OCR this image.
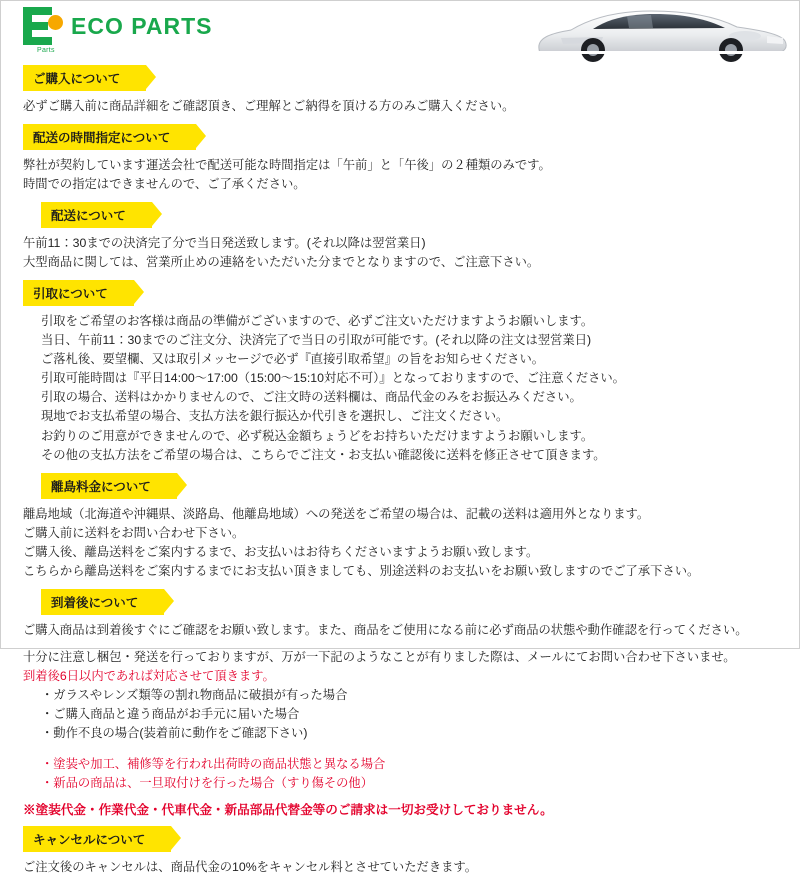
Parts
ECO PARTS
ご購入について

必ずご購入前に商品詳細をご確認頂き、ご理解とご納得を頂ける方のみご購入ください。

配送の時間指定について

弊社が契約しています運送会社で配送可能な時間指定は「午前」と「午後」の２種類のみです。

時間での指定はできませんので、ご了承ください。

配送について

午前11：30までの決済完了分で当日発送致します。(それ以降は翌営業日)

大型商品に関しては、営業所止めの連絡をいただいた分までとなりますので、ご注意下さい。

引取について

引取をご希望のお客様は商品の準備がございますので、必ずご注文いただけますようお願いします。

当日、午前11：30までのご注文分、決済完了で当日の引取が可能です。(それ以降の注文は翌営業日)

ご落札後、要望欄、又は取引メッセージで必ず『直接引取希望』の旨をお知らせください。

引取可能時間は『平日14:00～17:00（15:00～15:10対応不可）』となっておりますので、ご注意ください。

引取の場合、送料はかかりませんので、ご注文時の送料欄は、商品代金のみをお振込みください。

現地でお支払希望の場合、支払方法を銀行振込か代引きを選択し、ご注文ください。

お釣りのご用意ができませんので、必ず税込金額ちょうどをお持ちいただけますようお願いします。

その他の支払方法をご希望の場合は、こちらでご注文・お支払い確認後に送料を修正させて頂きます。

離島料金について

離島地域（北海道や沖縄県、淡路島、他離島地域）への発送をご希望の場合は、記載の送料は適用外となります。

ご購入前に送料をお問い合わせ下さい。

ご購入後、離島送料をご案内するまで、お支払いはお待ちくださいますようお願い致します。

こちらから離島送料をご案内するまでにお支払い頂きましても、別途送料のお支払いをお願い致しますのでご了承下さい。

到着後について

ご購入商品は到着後すぐにご確認をお願い致します。また、商品をご使用になる前に必ず商品の状態や動作確認を行ってください。

十分に注意し梱包・発送を行っておりますが、万が一下記のようなことが有りました際は、メールにてお問い合わせ下さいませ。

到着後6日以内であれば対応させて頂きます。

・ガラスやレンズ類等の割れ物商品に破損が有った場合

・ご購入商品と違う商品がお手元に届いた場合

・動作不良の場合(装着前に動作をご確認下さい)

・塗装や加工、補修等を行われ出荷時の商品状態と異なる場合

・新品の商品は、一旦取付けを行った場合（すり傷その他）

※塗装代金・作業代金・代車代金・新品部品代替金等のご請求は一切お受けしておりません。
キャンセルについて

ご注文後のキャンセルは、商品代金の10%をキャンセル料とさせていただきます。
